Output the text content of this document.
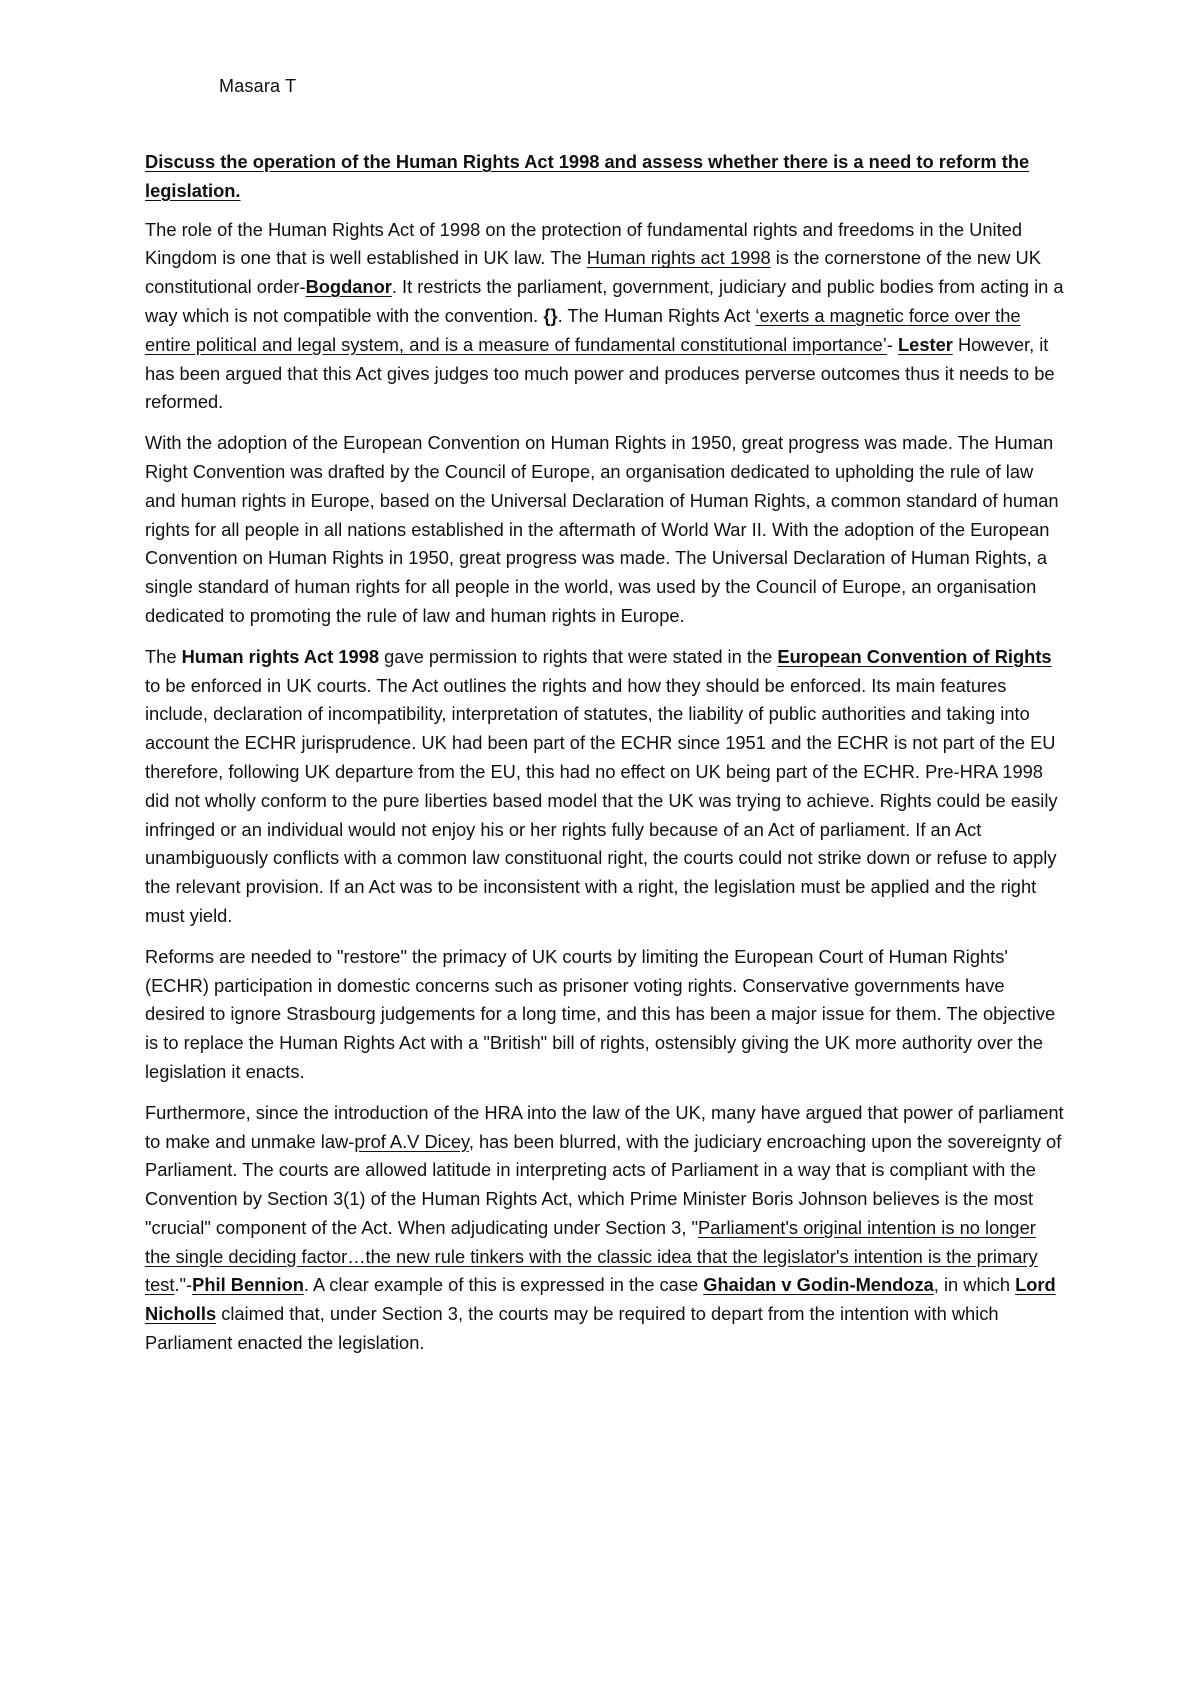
Masara T

Discuss the operation of the Human Rights Act 1998 and assess whether there is a need to reform the legislation.

The role of the Human Rights Act of 1998 on the protection of fundamental rights and freedoms in the United Kingdom is one that is well established in UK law. The Human rights act 1998 is the cornerstone of the new UK constitutional order-Bogdanor. It restricts the parliament, government, judiciary and public bodies from acting in a way which is not compatible with the convention. {}. The Human Rights Act ‘exerts a magnetic force over the entire political and legal system, and is a measure of fundamental constitutional importance’- Lester However, it has been argued that this Act gives judges too much power and produces perverse outcomes thus it needs to be reformed.

With the adoption of the European Convention on Human Rights in 1950, great progress was made. The Human Right Convention was drafted by the Council of Europe, an organisation dedicated to upholding the rule of law and human rights in Europe, based on the Universal Declaration of Human Rights, a common standard of human rights for all people in all nations established in the aftermath of World War II. With the adoption of the European Convention on Human Rights in 1950, great progress was made. The Universal Declaration of Human Rights, a single standard of human rights for all people in the world, was used by the Council of Europe, an organisation dedicated to promoting the rule of law and human rights in Europe.

The Human rights Act 1998 gave permission to rights that were stated in the European Convention of Rights to be enforced in UK courts. The Act outlines the rights and how they should be enforced. Its main features include, declaration of incompatibility, interpretation of statutes, the liability of public authorities and taking into account the ECHR jurisprudence. UK had been part of the ECHR since 1951 and the ECHR is not part of the EU therefore, following UK departure from the EU, this had no effect on UK being part of the ECHR. Pre-HRA 1998 did not wholly conform to the pure liberties based model that the UK was trying to achieve. Rights could be easily infringed or an individual would not enjoy his or her rights fully because of an Act of parliament. If an Act unambiguously conflicts with a common law constituonal right, the courts could not strike down or refuse to apply the relevant provision. If an Act was to be inconsistent with a right, the legislation must be applied and the right must yield.

Reforms are needed to "restore" the primacy of UK courts by limiting the European Court of Human Rights' (ECHR) participation in domestic concerns such as prisoner voting rights. Conservative governments have desired to ignore Strasbourg judgements for a long time, and this has been a major issue for them. The objective is to replace the Human Rights Act with a "British" bill of rights, ostensibly giving the UK more authority over the legislation it enacts.

Furthermore, since the introduction of the HRA into the law of the UK, many have argued that power of parliament to make and unmake law-prof A.V Dicey, has been blurred, with the judiciary encroaching upon the sovereignty of Parliament. The courts are allowed latitude in interpreting acts of Parliament in a way that is compliant with the Convention by Section 3(1) of the Human Rights Act, which Prime Minister Boris Johnson believes is the most "crucial" component of the Act. When adjudicating under Section 3, "Parliament's original intention is no longer the single deciding factor…the new rule tinkers with the classic idea that the legislator's intention is the primary test."-Phil Bennion. A clear example of this is expressed in the case Ghaidan v Godin-Mendoza, in which Lord Nicholls claimed that, under Section 3, the courts may be required to depart from the intention with which Parliament enacted the legislation.
